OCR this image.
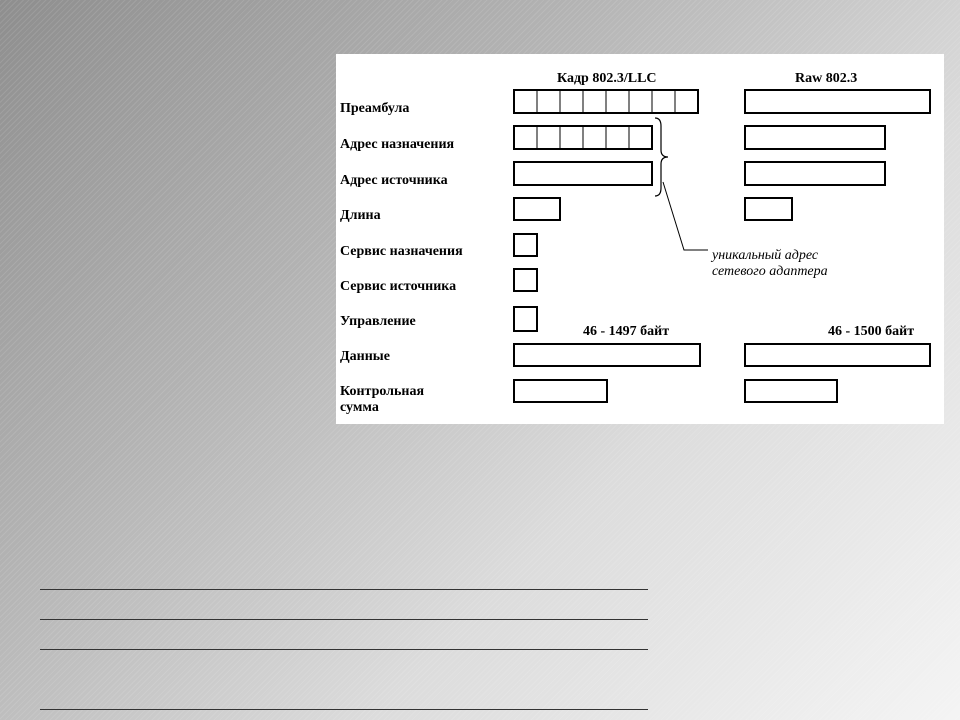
Кадр 802.3/LLC	Raw 802.3
Преамбула
Адрес назначения
Адрес источника
Длина
Сервис назначения
Сервис источника
Управление
Данные
Контрольная
сумма
46 - 1497 байт	46 - 1500 байт
уникальный адрес
сетевого адаптера
